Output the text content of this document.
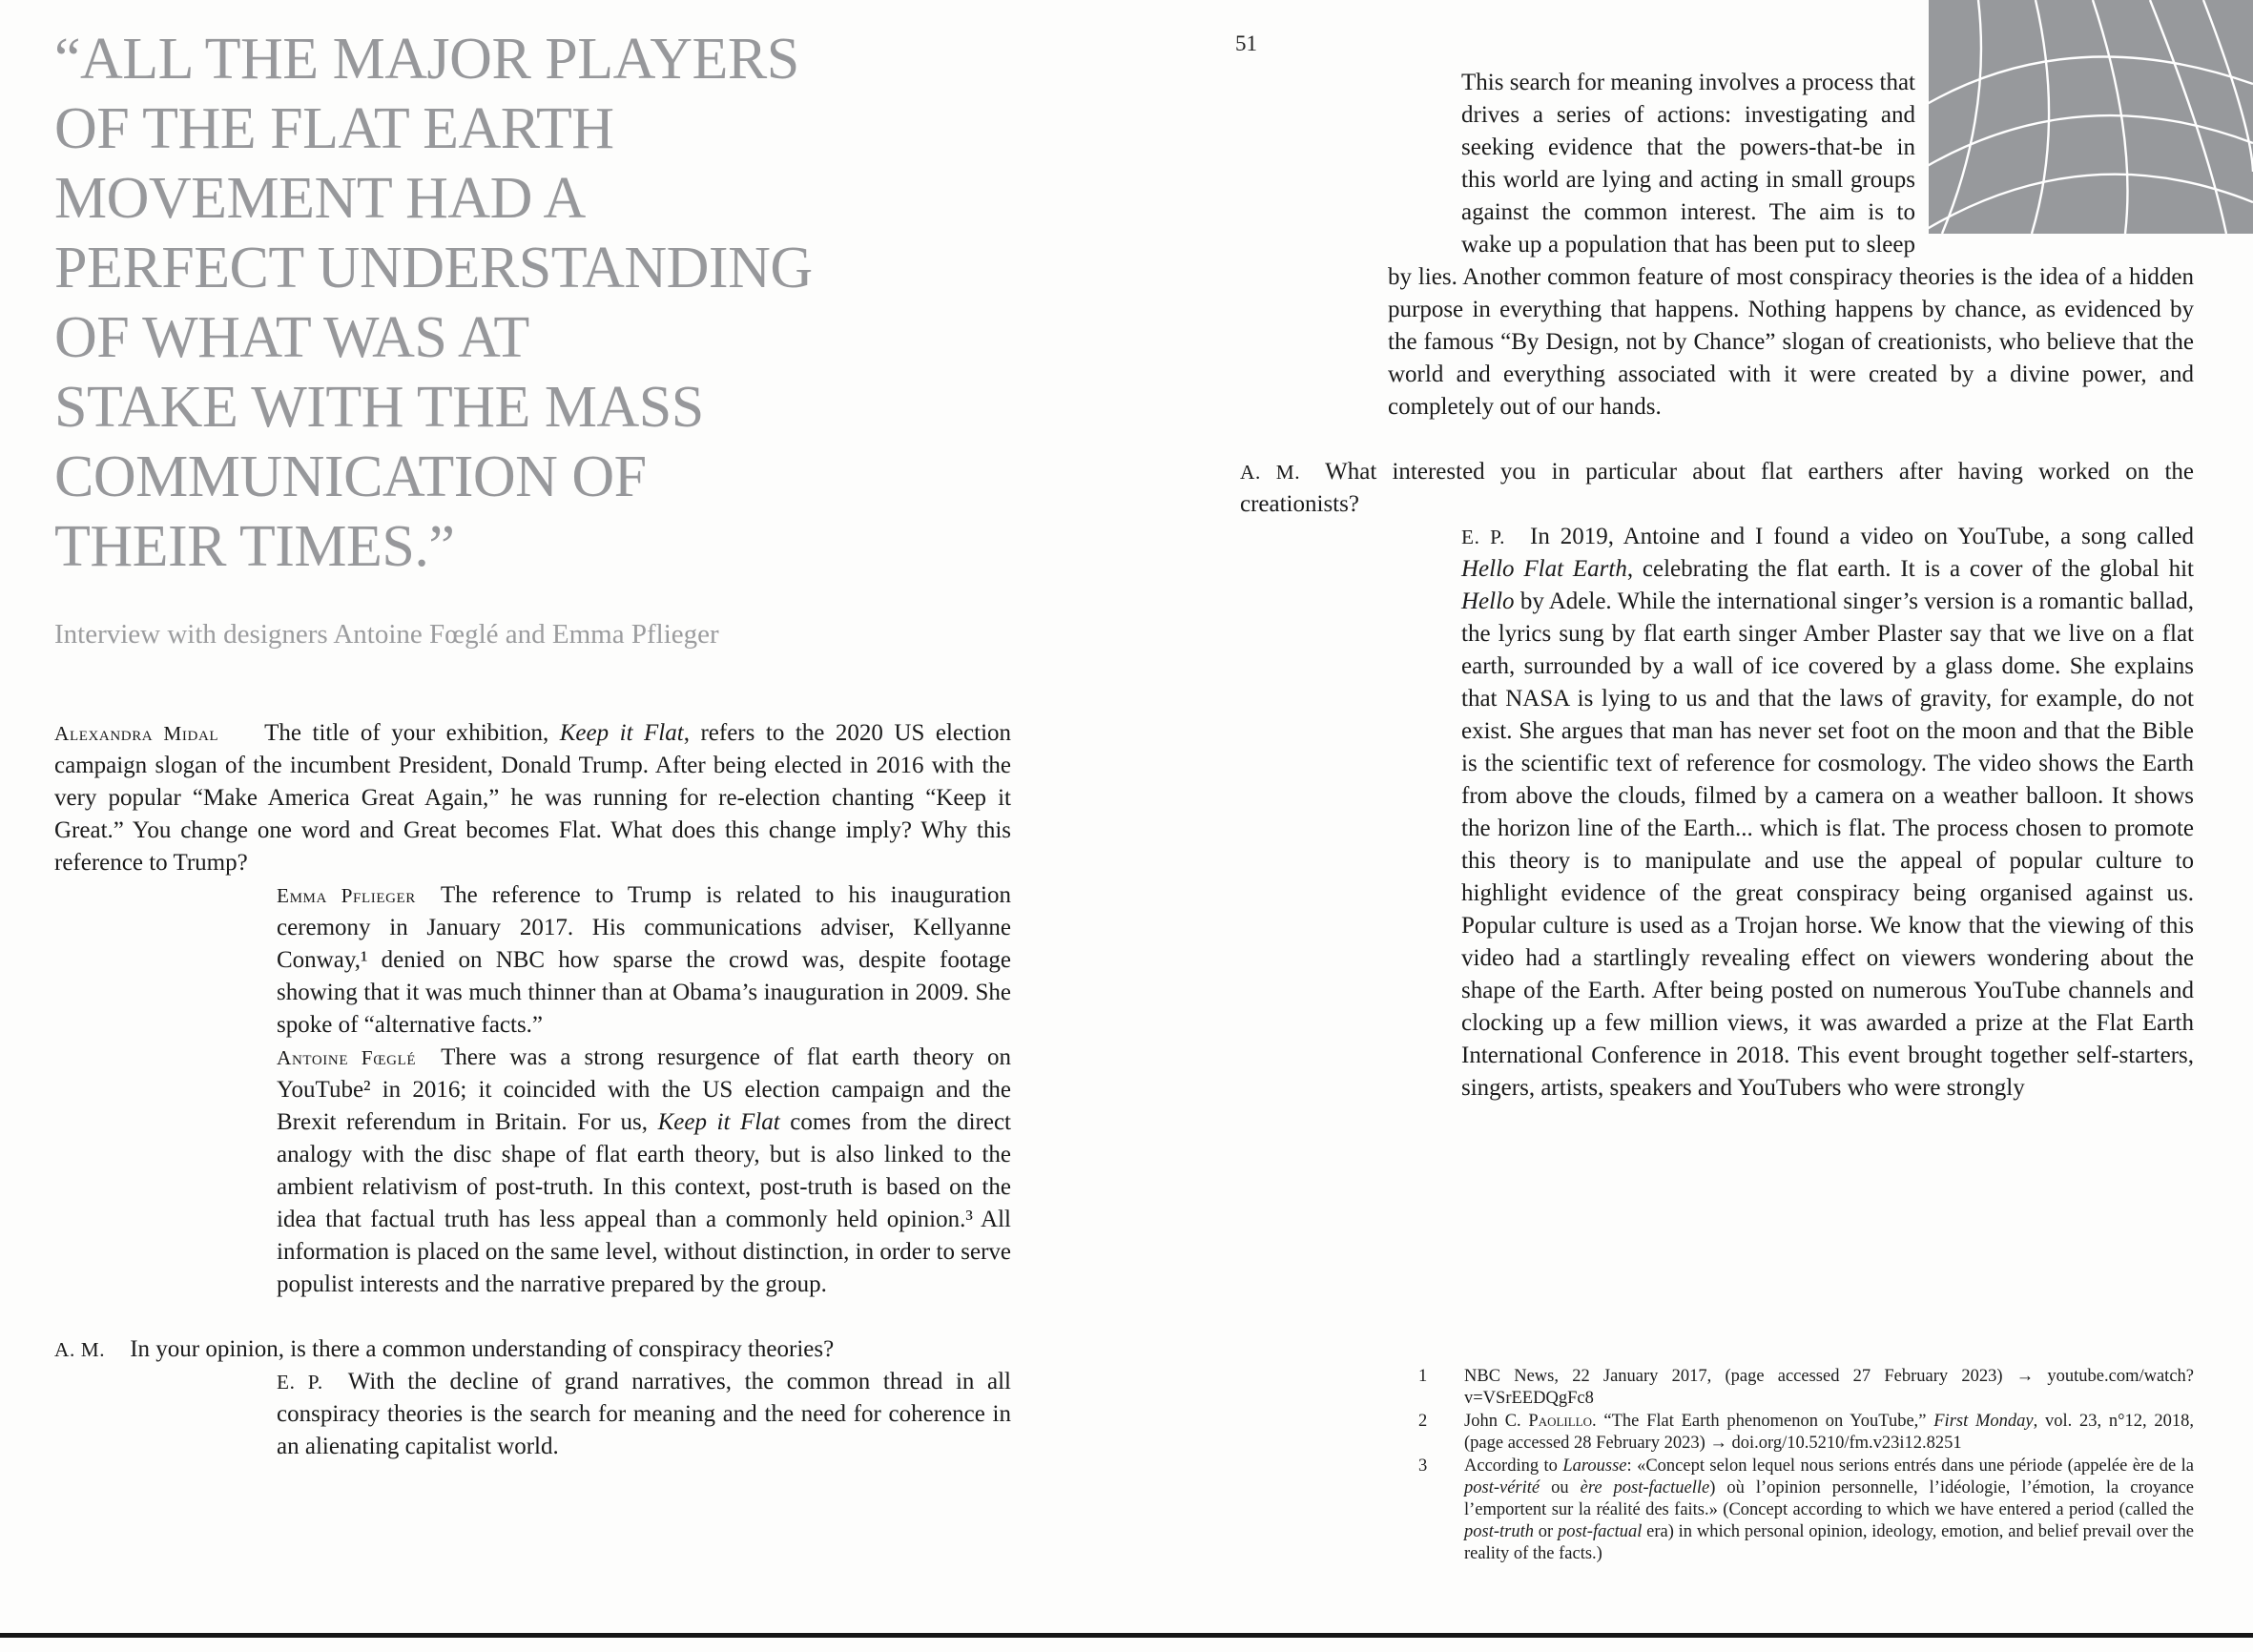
“ALL THE MAJOR PLAYERS
OF THE FLAT EARTH
MOVEMENT HAD A
PERFECT UNDERSTANDING
OF WHAT WAS AT
STAKE WITH THE MASS
COMMUNICATION OF
THEIR TIMES.”
Interview with designers Antoine Fœglé and Emma Pflieger

Alexandra Midal The title of your exhibition, Keep it Flat, refers to the 2020 US election campaign slogan of the incumbent President, Donald Trump. After being elected in 2016 with the very popular “Make America Great Again,” he was running for re-election chanting “Keep it Great.” You change one word and Great becomes Flat. What does this change imply? Why this reference to Trump?

Emma Pflieger The reference to Trump is related to his inauguration ceremony in January 2017. His communications adviser, Kellyanne Conway,¹ denied on NBC how sparse the crowd was, despite footage showing that it was much thinner than at Obama’s inauguration in 2009. She spoke of “alternative facts.”

Antoine Fœglé There was a strong resurgence of flat earth theory on YouTube² in 2016; it coincided with the US election campaign and the Brexit referendum in Britain. For us, Keep it Flat comes from the direct analogy with the disc shape of flat earth theory, but is also linked to the ambient relativism of post-truth. In this context, post-truth is based on the idea that factual truth has less appeal than a commonly held opinion.³ All information is placed on the same level, without distinction, in order to serve populist interests and the narrative prepared by the group.

A. M. In your opinion, is there a common understanding of conspiracy theories?

E. P. With the decline of grand narratives, the common thread in all conspiracy theories is the search for meaning and the need for coherence in an alienating capitalist world.

51

This search for meaning involves a process that drives a series of actions: investigating and seeking evidence that the powers-that-be in this world are lying and acting in small groups against the common interest. The aim is to wake up a population that has been put to sleep by lies. Another common feature of most conspiracy theories is the idea of a hidden purpose in everything that happens. Nothing happens by chance, as evidenced by the famous “By Design, not by Chance” slogan of creationists, who believe that the world and everything associated with it were created by a divine power, and completely out of our hands.

A. M. What interested you in particular about flat earthers after having worked on the creationists?

E. P. In 2019, Antoine and I found a video on YouTube, a song called Hello Flat Earth, celebrating the flat earth. It is a cover of the global hit Hello by Adele. While the international singer’s version is a romantic ballad, the lyrics sung by flat earth singer Amber Plaster say that we live on a flat earth, surrounded by a wall of ice covered by a glass dome. She explains that NASA is lying to us and that the laws of gravity, for example, do not exist. She argues that man has never set foot on the moon and that the Bible is the scientific text of reference for cosmology. The video shows the Earth from above the clouds, filmed by a camera on a weather balloon. It shows the horizon line of the Earth... which is flat. The process chosen to promote this theory is to manipulate and use the appeal of popular culture to highlight evidence of the great conspiracy being organised against us. Popular culture is used as a Trojan horse. We know that the viewing of this video had a startlingly revealing effect on viewers wondering about the shape of the Earth. After being posted on numerous YouTube channels and clocking up a few million views, it was awarded a prize at the Flat Earth International Conference in 2018. This event brought together self-starters, singers, artists, speakers and YouTubers who were strongly

1	NBC News, 22 January 2017, (page accessed 27 February 2023) → youtube.com/watch?v=VSrEEDQgFc8
2	John C. Paolillo. “The Flat Earth phenomenon on YouTube,” First Monday, vol. 23, n°12, 2018, (page accessed 28 February 2023) → doi.org/10.5210/fm.v23i12.8251
3	According to Larousse: «Concept selon lequel nous serions entrés dans une période (appelée ère de la post-vérité ou ère post-factuelle) où l’opinion personnelle, l’idéologie, l’émotion, la croyance l’emportent sur la réalité des faits.» (Concept according to which we have entered a period (called the post-truth or post-factual era) in which personal opinion, ideology, emotion, and belief prevail over the reality of the facts.)
